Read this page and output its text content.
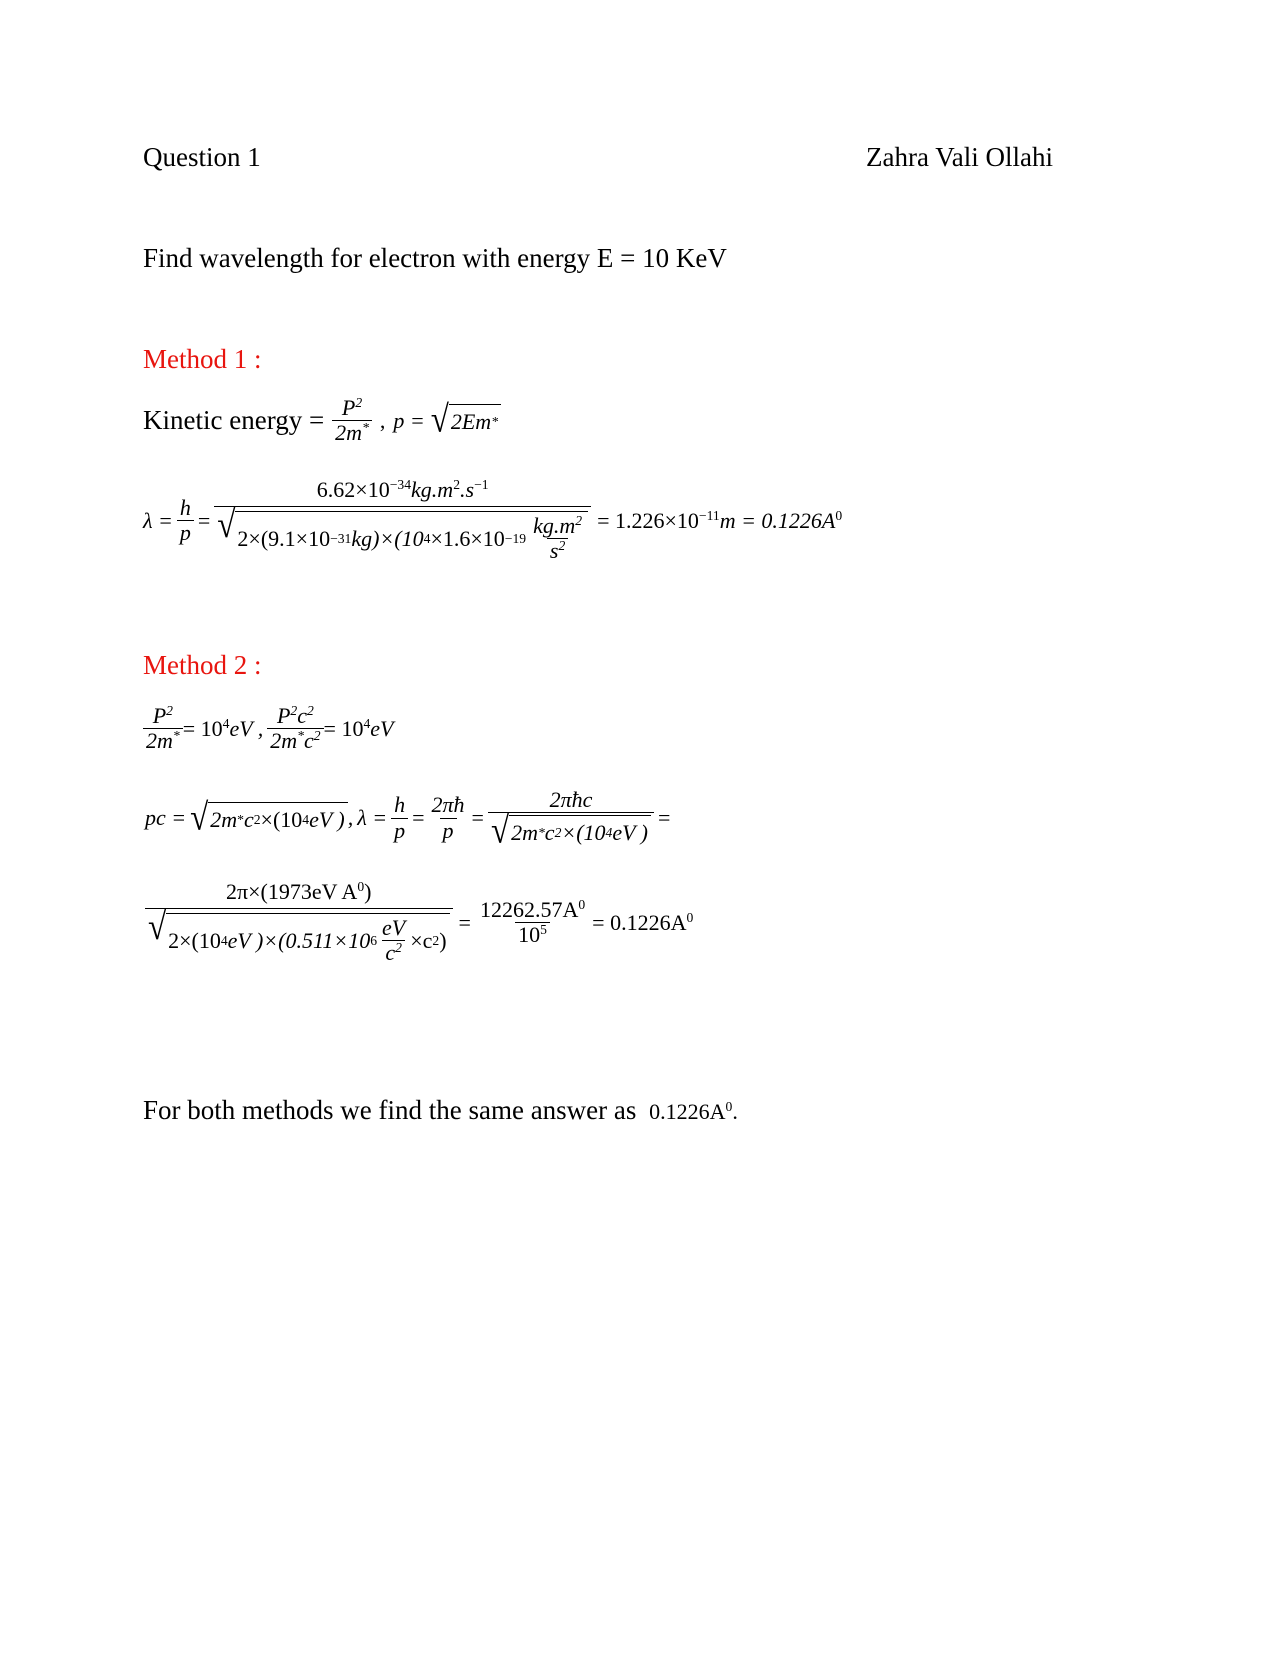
Question 1	Zahra Vali Ollahi
Find wavelength for electron with energy E = 10 KeV
Method 1 :
Kinetic energy = $\frac{P^2}{2m^*}$ , p = √ 2Em *
$\lambda = \frac{h}{p}$ =
$6.62\times 10^{-34}kg.m^2.s^{-1}$
√ 2×(9.1×10 −31 kg)×(10 $4 \times 1.6\times 10 -19 \frac{kg.m^2}{s^2} = 1.226\times 10^{-11}m = 0.1226A^0$
Method 2 :
$\frac{P^2}{2m^*} = 10^4eV$ , $\frac{P^2c^2}{2m^*c^2} = 10^4eV$
pc = √ 2m * c 2 ×(10 4 eV ) , $\lambda = \frac{h}{p} = \frac{2\pi ħ}{p} = \frac{\text{2πħc}}{√ 2m * c 2 \times(10 4 eV )}$ =
2π×(1973eV $A^0$)
√ 2×(10 4 eV )×(0.511×10 $6 \frac{eV}{c^2} \times c$ 2 )
= $\frac{12262.57A^0}{10^5} = 0.1226A^0$
For both methods we find the same answer as $0.1226A^0$.
